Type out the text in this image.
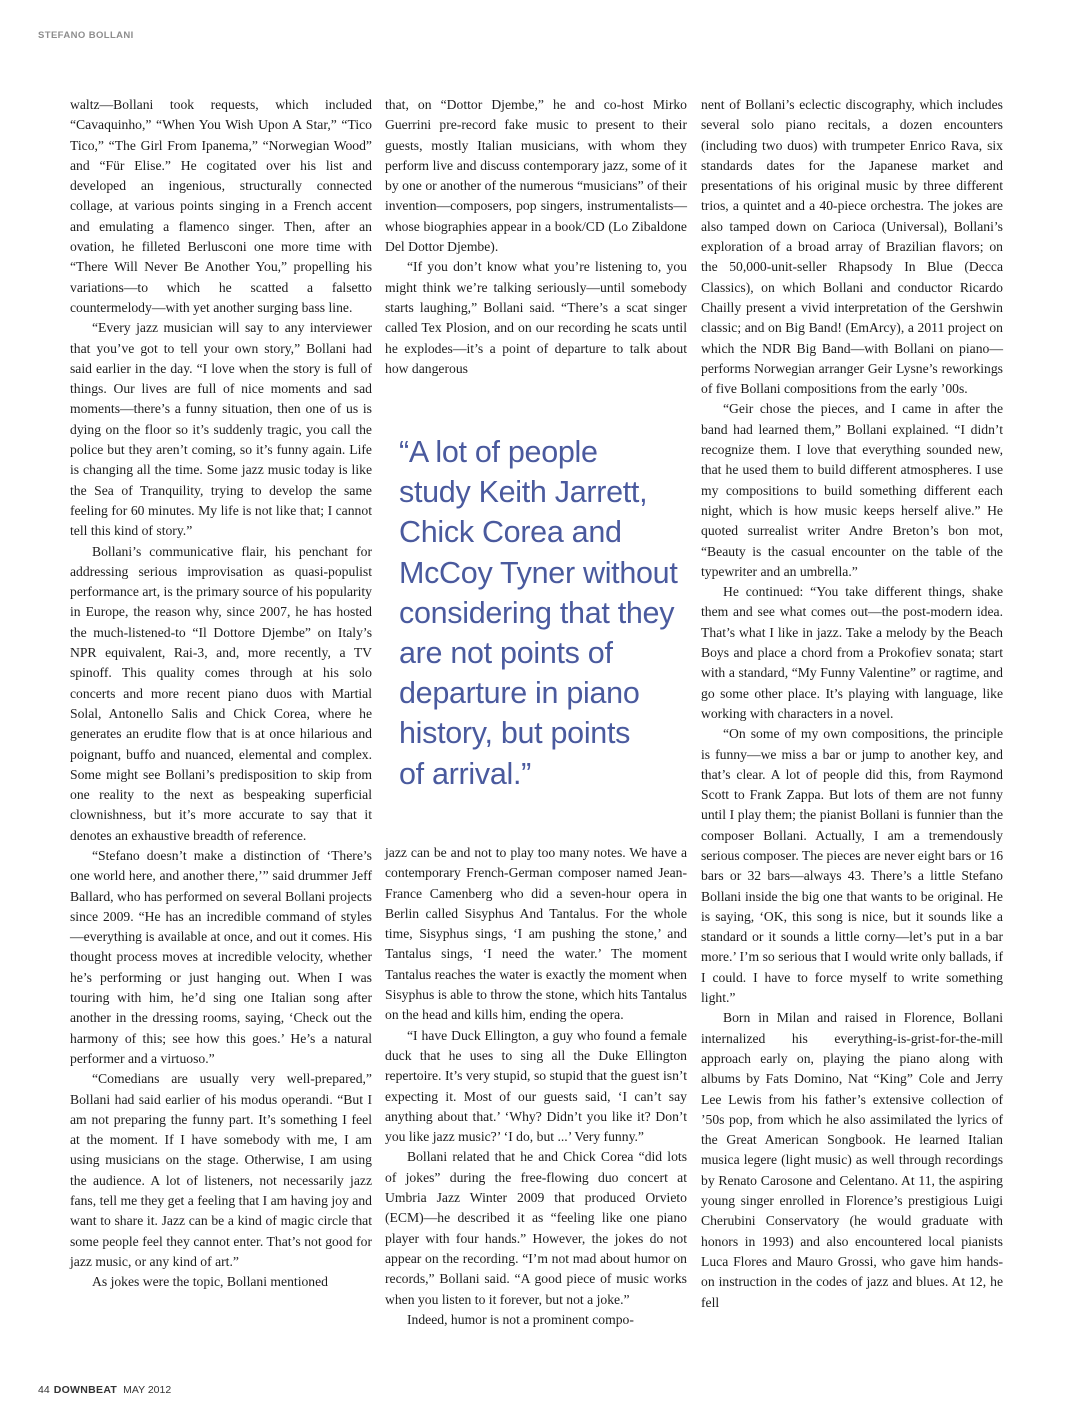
STEFANO BOLLANI

waltz—Bollani took requests, which included “Cavaquinho,” “When You Wish Upon A Star,” “Tico Tico,” “The Girl From Ipanema,” “Norwegian Wood” and “Für Elise.” He cogitated over his list and developed an ingenious, structurally connected collage, at various points singing in a French accent and emulating a flamenco singer. Then, after an ovation, he filleted Berlusconi one more time with “There Will Never Be Another You,” propelling his variations—to which he scatted a falsetto countermelody—with yet another surging bass line.

“Every jazz musician will say to any interviewer that you’ve got to tell your own story,” Bollani had said earlier in the day. “I love when the story is full of things. Our lives are full of nice moments and sad moments—there’s a funny situation, then one of us is dying on the floor so it’s suddenly tragic, you call the police but they aren’t coming, so it’s funny again. Life is changing all the time. Some jazz music today is like the Sea of Tranquility, trying to develop the same feeling for 60 minutes. My life is not like that; I cannot tell this kind of story.”

Bollani’s communicative flair, his penchant for addressing serious improvisation as quasi-populist performance art, is the primary source of his popularity in Europe, the reason why, since 2007, he has hosted the much-listened-to “Il Dottore Djembe” on Italy’s NPR equivalent, Rai-3, and, more recently, a TV spinoff. This quality comes through at his solo concerts and more recent piano duos with Martial Solal, Antonello Salis and Chick Corea, where he generates an erudite flow that is at once hilarious and poignant, buffo and nuanced, elemental and complex. Some might see Bollani’s predisposition to skip from one reality to the next as bespeaking superficial clownishness, but it’s more accurate to say that it denotes an exhaustive breadth of reference.

“Stefano doesn’t make a distinction of ‘There’s one world here, and another there,’” said drummer Jeff Ballard, who has performed on several Bollani projects since 2009. “He has an incredible command of styles—everything is available at once, and out it comes. His thought process moves at incredible velocity, whether he’s performing or just hanging out. When I was touring with him, he’d sing one Italian song after another in the dressing rooms, saying, ‘Check out the harmony of this; see how this goes.’ He’s a natural performer and a virtuoso.”

“Comedians are usually very well-prepared,” Bollani had said earlier of his modus operandi. “But I am not preparing the funny part. It’s something I feel at the moment. If I have somebody with me, I am using musicians on the stage. Otherwise, I am using the audience. A lot of listeners, not necessarily jazz fans, tell me they get a feeling that I am having joy and want to share it. Jazz can be a kind of magic circle that some people feel they cannot enter. That’s not good for jazz music, or any kind of art.”

As jokes were the topic, Bollani mentioned

that, on “Dottor Djembe,” he and co-host Mirko Guerrini pre-record fake music to present to their guests, mostly Italian musicians, with whom they perform live and discuss contemporary jazz, some of it by one or another of the numerous “musicians” of their invention—composers, pop singers, instrumentalists—whose biographies appear in a book/CD (Lo Zibaldone Del Dottor Djembe).

“If you don’t know what you’re listening to, you might think we’re talking seriously—until somebody starts laughing,” Bollani said. “There’s a scat singer called Tex Plosion, and on our recording he scats until he explodes—it’s a point of departure to talk about how dangerous

“A lot of people
study Keith Jarrett,
Chick Corea and
McCoy Tyner without
considering that they
are not points of
departure in piano
history, but points
of arrival.”

jazz can be and not to play too many notes. We have a contemporary French-German composer named Jean-France Camenberg who did a seven-hour opera in Berlin called Sisyphus And Tantalus. For the whole time, Sisyphus sings, ‘I am pushing the stone,’ and Tantalus sings, ‘I need the water.’ The moment Tantalus reaches the water is exactly the moment when Sisyphus is able to throw the stone, which hits Tantalus on the head and kills him, ending the opera.

“I have Duck Ellington, a guy who found a female duck that he uses to sing all the Duke Ellington repertoire. It’s very stupid, so stupid that the guest isn’t expecting it. Most of our guests said, ‘I can’t say anything about that.’ ‘Why? Didn’t you like it? Don’t you like jazz music?’ ‘I do, but ...’ Very funny.”

Bollani related that he and Chick Corea “did lots of jokes” during the free-flowing duo concert at Umbria Jazz Winter 2009 that produced Orvieto (ECM)—he described it as “feeling like one piano player with four hands.” However, the jokes do not appear on the recording. “I’m not mad about humor on records,” Bollani said. “A good piece of music works when you listen to it forever, but not a joke.”

Indeed, humor is not a prominent compo-

nent of Bollani’s eclectic discography, which includes several solo piano recitals, a dozen encounters (including two duos) with trumpeter Enrico Rava, six standards dates for the Japanese market and presentations of his original music by three different trios, a quintet and a 40-piece orchestra. The jokes are also tamped down on Carioca (Universal), Bollani’s exploration of a broad array of Brazilian flavors; on the 50,000-unit-seller Rhapsody In Blue (Decca Classics), on which Bollani and conductor Ricardo Chailly present a vivid interpretation of the Gershwin classic; and on Big Band! (EmArcy), a 2011 project on which the NDR Big Band—with Bollani on piano—performs Norwegian arranger Geir Lysne’s reworkings of five Bollani compositions from the early ’00s.

“Geir chose the pieces, and I came in after the band had learned them,” Bollani explained. “I didn’t recognize them. I love that everything sounded new, that he used them to build different atmospheres. I use my compositions to build something different each night, which is how music keeps herself alive.” He quoted surrealist writer Andre Breton’s bon mot, “Beauty is the casual encounter on the table of the typewriter and an umbrella.”

He continued: “You take different things, shake them and see what comes out—the post-modern idea. That’s what I like in jazz. Take a melody by the Beach Boys and place a chord from a Prokofiev sonata; start with a standard, “My Funny Valentine” or ragtime, and go some other place. It’s playing with language, like working with characters in a novel.

“On some of my own compositions, the principle is funny—we miss a bar or jump to another key, and that’s clear. A lot of people did this, from Raymond Scott to Frank Zappa. But lots of them are not funny until I play them; the pianist Bollani is funnier than the composer Bollani. Actually, I am a tremendously serious composer. The pieces are never eight bars or 16 bars or 32 bars—always 43. There’s a little Stefano Bollani inside the big one that wants to be original. He is saying, ‘OK, this song is nice, but it sounds like a standard or it sounds a little corny—let’s put in a bar more.’ I’m so serious that I would write only ballads, if I could. I have to force myself to write something light.”

Born in Milan and raised in Florence, Bollani internalized his everything-is-grist-for-the-mill approach early on, playing the piano along with albums by Fats Domino, Nat “King” Cole and Jerry Lee Lewis from his father’s extensive collection of ’50s pop, from which he also assimilated the lyrics of the Great American Songbook. He learned Italian musica legere (light music) as well through recordings by Renato Carosone and Celentano. At 11, the aspiring young singer enrolled in Florence’s prestigious Luigi Cherubini Conservatory (he would graduate with honors in 1993) and also encountered local pianists Luca Flores and Mauro Grossi, who gave him hands-on instruction in the codes of jazz and blues. At 12, he fell

44 DOWNBEAT MAY 2012
